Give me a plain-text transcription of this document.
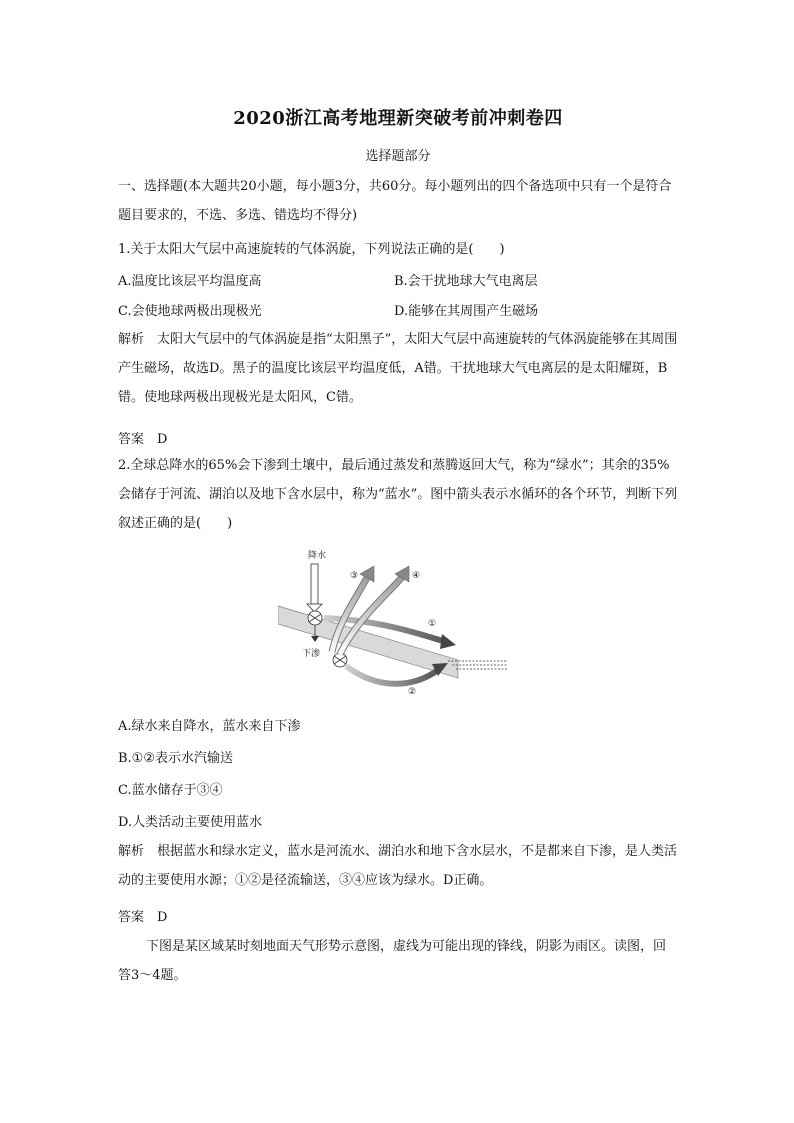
2020浙江高考地理新突破考前冲刺卷四
选择题部分
一、选择题(本大题共20小题，每小题3分，共60分。每小题列出的四个备选项中只有一个是符合题目要求的，不选、多选、错选均不得分)
1.关于太阳大气层中高速旋转的气体涡旋，下列说法正确的是(　　)
A.温度比该层平均温度高	B.会干扰地球大气电离层
C.会使地球两极出现极光	D.能够在其周围产生磁场
解析　太阳大气层中的气体涡旋是指“太阳黑子”，太阳大气层中高速旋转的气体涡旋能够在其周围产生磁场，故选D。黑子的温度比该层平均温度低，A错。干扰地球大气电离层的是太阳耀斑，B错。使地球两极出现极光是太阳风，C错。
答案　D
2.全球总降水的65%会下渗到土壤中，最后通过蒸发和蒸腾返回大气，称为“绿水”；其余的35%会储存于河流、湖泊以及地下含水层中，称为“蓝水”。图中箭头表示水循环的各个环节，判断下列叙述正确的是(　　)
降水
下渗
①
②
③	④
A.绿水来自降水，蓝水来自下渗
B.①②表示水汽输送
C.蓝水储存于③④
D.人类活动主要使用蓝水
解析　根据蓝水和绿水定义，蓝水是河流水、湖泊水和地下含水层水，不是都来自下渗，是人类活动的主要使用水源；①②是径流输送，③④应该为绿水。D正确。
答案　D
下图是某区域某时刻地面天气形势示意图，虚线为可能出现的锋线，阴影为雨区。读图，回答3～4题。
